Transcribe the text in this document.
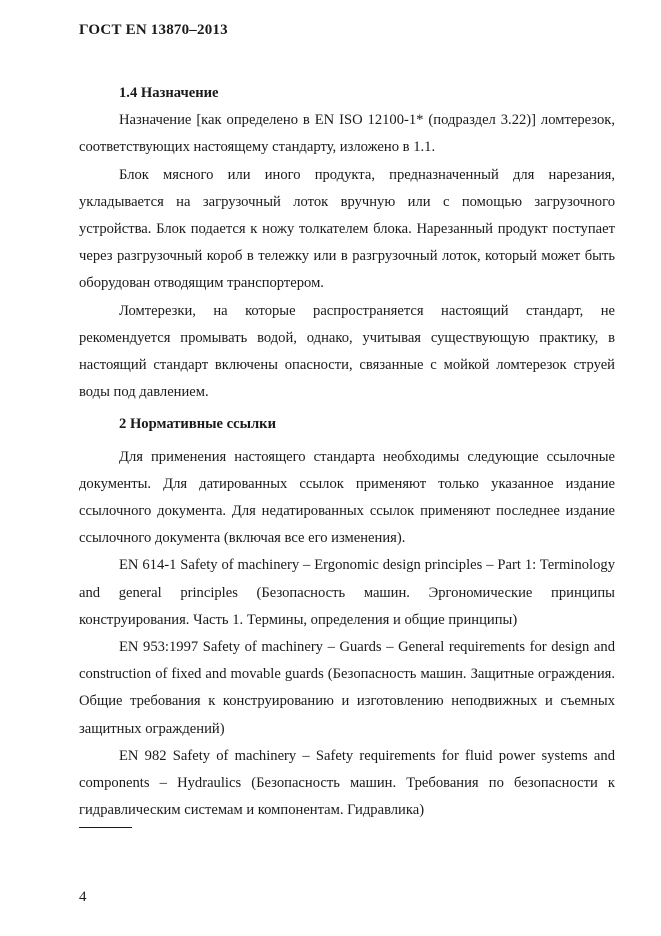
ГОСТ EN 13870–2013
1.4 Назначение

Назначение [как определено в EN ISO 12100-1* (подраздел 3.22)] ломтерезок, соответствующих настоящему стандарту, изложено в 1.1.

Блок мясного или иного продукта, предназначенный для нарезания, укладывается на загрузочный лоток вручную или с помощью загрузочного устройства. Блок подается к ножу толкателем блока. Нарезанный продукт поступает через разгрузочный короб в тележку или в разгрузочный лоток, который может быть оборудован отводящим транспортером.

Ломтерезки, на которые распространяется настоящий стандарт, не рекомендуется промывать водой, однако, учитывая существующую практику, в настоящий стандарт включены опасности, связанные с мойкой ломтерезок струей воды под давлением.

2 Нормативные ссылки

Для применения настоящего стандарта необходимы следующие ссылочные документы. Для датированных ссылок применяют только указанное издание ссылочного документа. Для недатированных ссылок применяют последнее издание ссылочного документа (включая все его изменения).

EN 614-1 Safety of machinery – Ergonomic design principles – Part 1: Terminology and general principles (Безопасность машин. Эргономические принципы конструирования. Часть 1. Термины, определения и общие принципы)

EN 953:1997 Safety of machinery – Guards – General requirements for design and construction of fixed and movable guards (Безопасность машин. Защитные ограждения. Общие требования к конструированию и изготовлению неподвижных и съемных защитных ограждений)

EN 982 Safety of machinery – Safety requirements for fluid power systems and components – Hydraulics (Безопасность машин. Требования по безопасности к гидравлическим системам и компонентам. Гидравлика)

4
